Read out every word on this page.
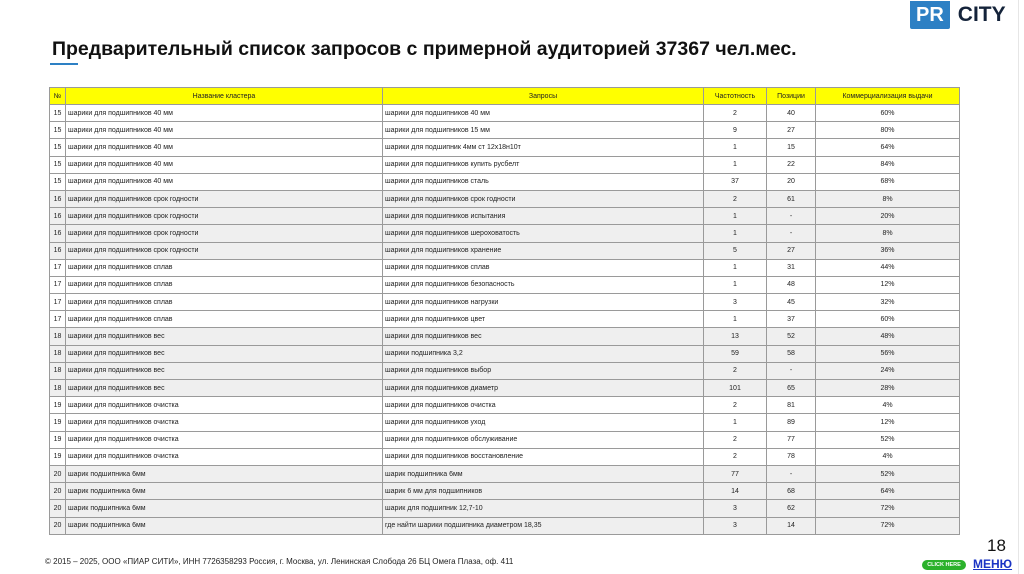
PR CITY
Предварительный список запросов с примерной аудиторией 37367 чел.мес.
№	Название кластера	Запросы	Частотность	Позиции	Коммерциализация выдачи
15	шарики для подшипников 40 мм	шарики для подшипников 40 мм	2	40	60%
15	шарики для подшипников 40 мм	шарики для подшипников 15 мм	9	27	80%
15	шарики для подшипников 40 мм	шарики для подшипник 4мм ст 12х18н10т	1	15	64%
15	шарики для подшипников 40 мм	шарики для подшипников купить русбелт	1	22	84%
15	шарики для подшипников 40 мм	шарики для подшипников сталь	37	20	68%
16	шарики для подшипников срок годности	шарики для подшипников срок годности	2	61	8%
16	шарики для подшипников срок годности	шарики для подшипников испытания	1	-	20%
16	шарики для подшипников срок годности	шарики для подшипников шероховатость	1	-	8%
16	шарики для подшипников срок годности	шарики для подшипников хранение	5	27	36%
17	шарики для подшипников сплав	шарики для подшипников сплав	1	31	44%
17	шарики для подшипников сплав	шарики для подшипников безопасность	1	48	12%
17	шарики для подшипников сплав	шарики для подшипников нагрузки	3	45	32%
17	шарики для подшипников сплав	шарики для подшипников цвет	1	37	60%
18	шарики для подшипников вес	шарики для подшипников вес	13	52	48%
18	шарики для подшипников вес	шарики подшипника 3,2	59	58	56%
18	шарики для подшипников вес	шарики для подшипников выбор	2	-	24%
18	шарики для подшипников вес	шарики для подшипников диаметр	101	65	28%
19	шарики для подшипников очистка	шарики для подшипников очистка	2	81	4%
19	шарики для подшипников очистка	шарики для подшипников уход	1	89	12%
19	шарики для подшипников очистка	шарики для подшипников обслуживание	2	77	52%
19	шарики для подшипников очистка	шарики для подшипников восстановление	2	78	4%
20	шарик подшипника 6мм	шарик подшипника 6мм	77	-	52%
20	шарик подшипника 6мм	шарик 6 мм для подшипников	14	68	64%
20	шарик подшипника 6мм	шарик для подшипник 12,7-10	3	62	72%
20	шарик подшипника 6мм	где найти шарики подшипника диаметром 18,35	3	14	72%
18
© 2015 – 2025, ООО «ПИАР СИТИ», ИНН 7726358293 Россия, г. Москва, ул. Ленинская Слобода 26 БЦ Омега Плаза, оф. 411	CLICK HERE	МЕНЮ
